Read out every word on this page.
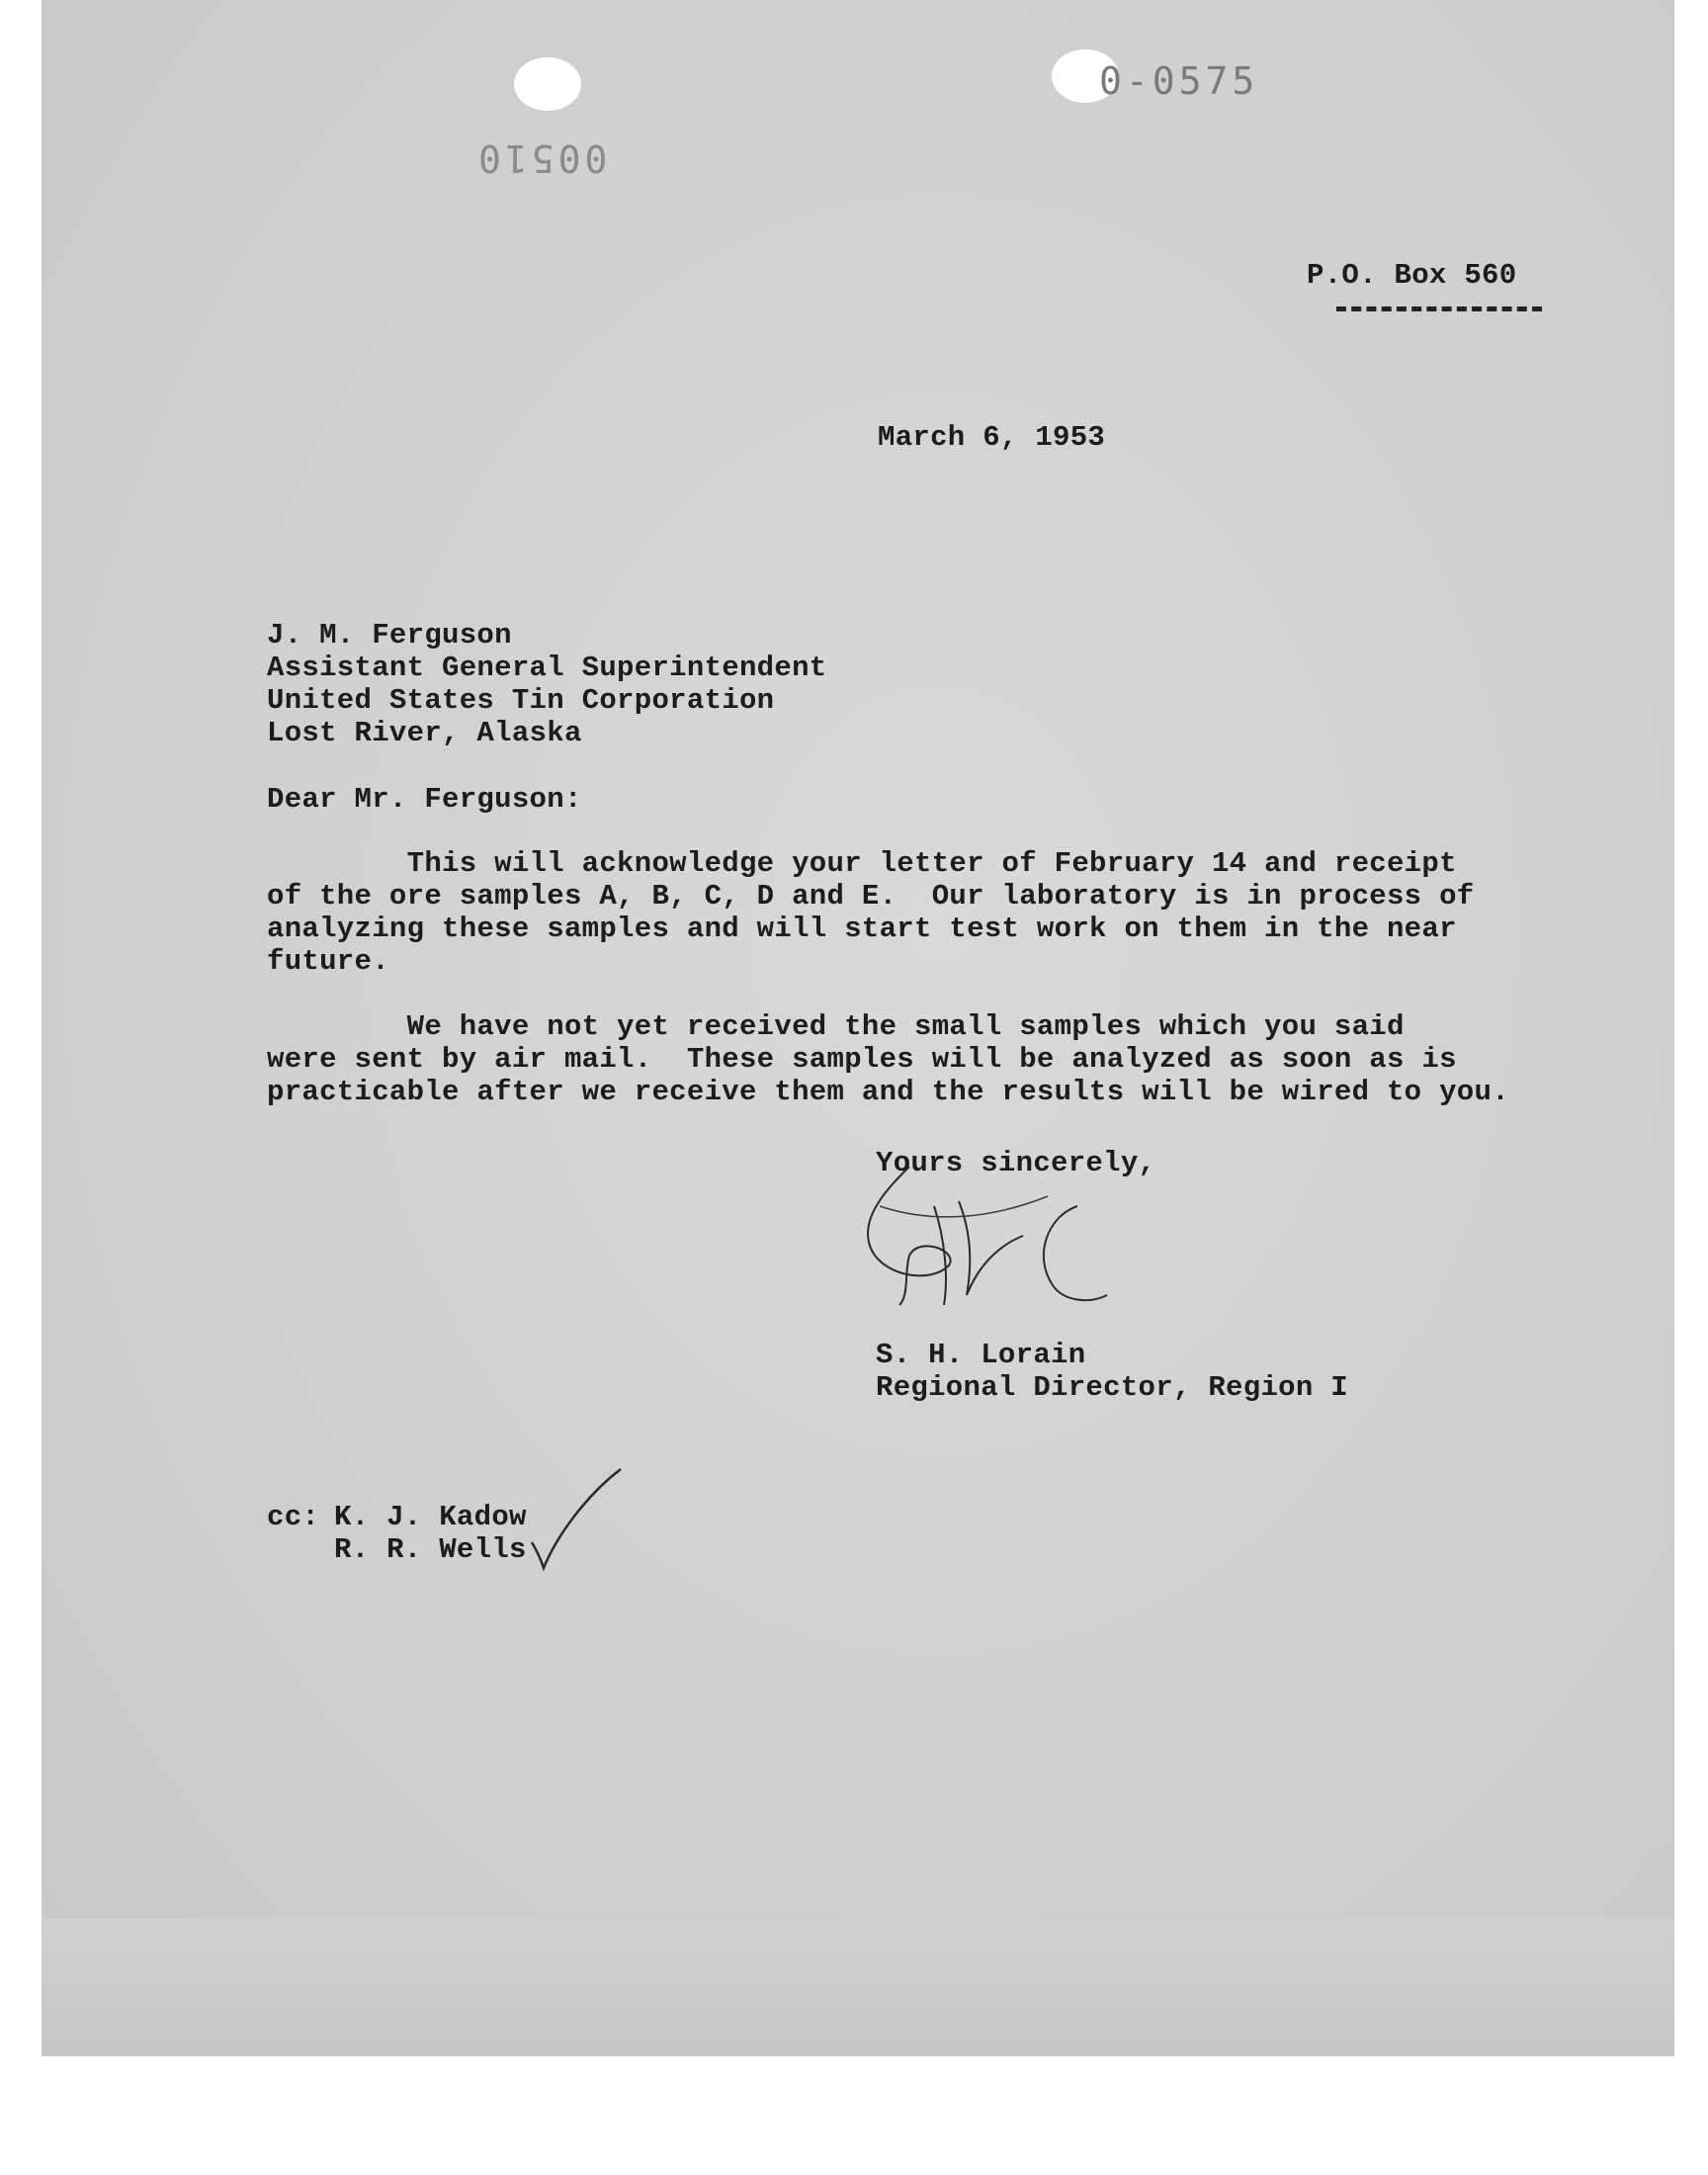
0-0575
00510

P.O. Box 560

March 6, 1953

J. M. Ferguson

Assistant General Superintendent

United States Tin Corporation

Lost River, Alaska

Dear Mr. Ferguson:

This will acknowledge your letter of February 14 and receipt

of the ore samples A, B, C, D and E.  Our laboratory is in process of

analyzing these samples and will start test work on them in the near

future.

We have not yet received the small samples which you said

were sent by air mail.  These samples will be analyzed as soon as is

practicable after we receive them and the results will be wired to you.

Yours sincerely,

S. H. Lorain

Regional Director, Region I

cc: K. J. Kadow

R. R. Wells
